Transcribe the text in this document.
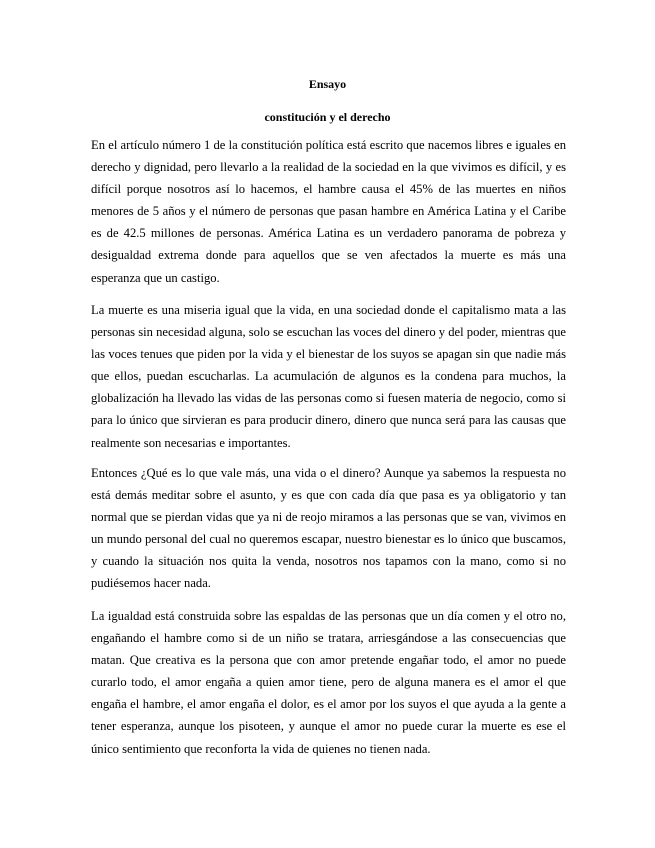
Ensayo

constitución y el derecho

En el artículo número 1 de la constitución política está escrito que nacemos libres e iguales en derecho y dignidad, pero llevarlo a la realidad de la sociedad en la que vivimos es difícil, y es difícil porque nosotros así lo hacemos, el hambre causa el 45% de las muertes en niños menores de 5 años y el número de personas que pasan hambre en América Latina y el Caribe es de 42.5 millones de personas. América Latina es un verdadero panorama de pobreza y desigualdad extrema donde para aquellos que se ven afectados la muerte es más una esperanza que un castigo.

La muerte es una miseria igual que la vida, en una sociedad donde el capitalismo mata a las personas sin necesidad alguna, solo se escuchan las voces del dinero y del poder, mientras que las voces tenues que piden por la vida y el bienestar de los suyos se apagan sin que nadie más que ellos, puedan escucharlas. La acumulación de algunos es la condena para muchos, la globalización ha llevado las vidas de las personas como si fuesen materia de negocio, como si para lo único que sirvieran es para producir dinero, dinero que nunca será para las causas que realmente son necesarias e importantes.

Entonces ¿Qué es lo que vale más, una vida o el dinero? Aunque ya sabemos la respuesta no está demás meditar sobre el asunto, y es que con cada día que pasa es ya obligatorio y tan normal que se pierdan vidas que ya ni de reojo miramos a las personas que se van, vivimos en un mundo personal del cual no queremos escapar, nuestro bienestar es lo único que buscamos, y cuando la situación nos quita la venda, nosotros nos tapamos con la mano, como si no pudiésemos hacer nada.

La igualdad está construida sobre las espaldas de las personas que un día comen y el otro no, engañando el hambre como si de un niño se tratara, arriesgándose a las consecuencias que matan. Que creativa es la persona que con amor pretende engañar todo, el amor no puede curarlo todo, el amor engaña a quien amor tiene, pero de alguna manera es el amor el que engaña el hambre, el amor engaña el dolor, es el amor por los suyos el que ayuda a la gente a tener esperanza, aunque los pisoteen, y aunque el amor no puede curar la muerte es ese el único sentimiento que reconforta la vida de quienes no tienen nada.
